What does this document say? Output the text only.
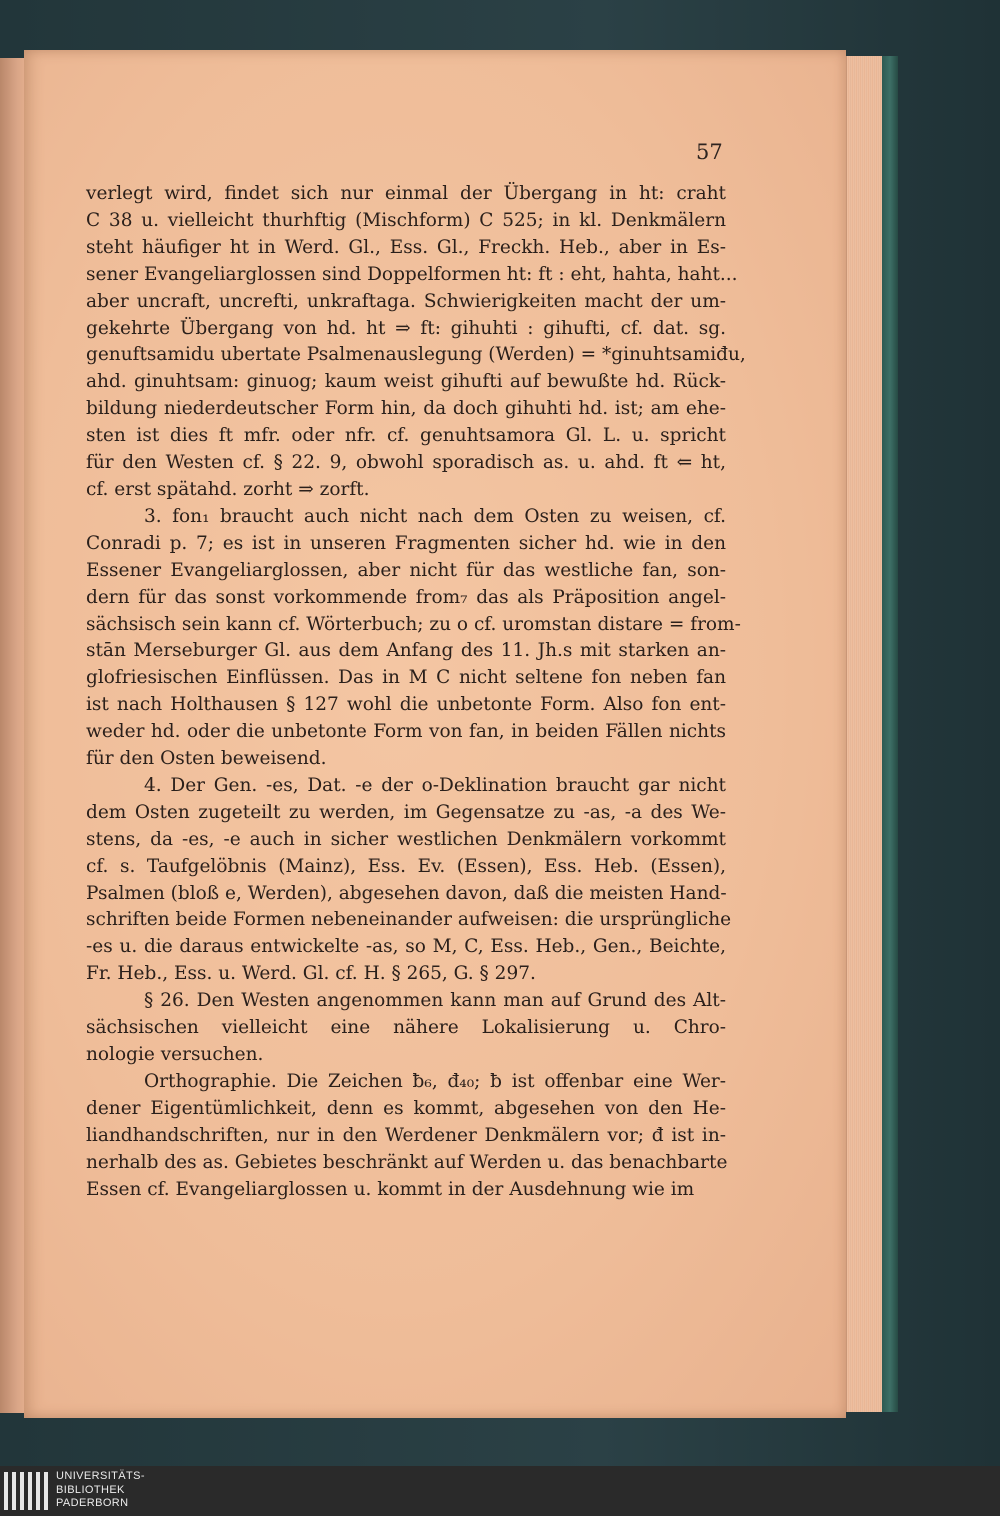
57
verlegt wird, findet sich nur einmal der Übergang in ht: craht
C 38 u. vielleicht thurhftig (Mischform) C 525; in kl. Denkmälern
steht häufiger ht in Werd. Gl., Ess. Gl., Freckh. Heb., aber in Es-
sener Evangeliarglossen sind Doppelformen ht: ft : eht, hahta, haht...
aber uncraft, uncrefti, unkraftaga. Schwierigkeiten macht der um-
gekehrte Übergang von hd. ht ⇒ ft: gihuhti : gihufti, cf. dat. sg.
genuftsamidu ubertate Psalmenauslegung (Werden) = *ginuhtsamiđu,
ahd. ginuhtsam: ginuog; kaum weist gihufti auf bewußte hd. Rück-
bildung niederdeutscher Form hin, da doch gihuhti hd. ist; am ehe-
sten ist dies ft mfr. oder nfr. cf. genuhtsamora Gl. L. u. spricht
für den Westen cf. § 22. 9, obwohl sporadisch as. u. ahd. ft ⇐ ht,
cf. erst spätahd. zorht ⇒ zorft.
3. fon₁ braucht auch nicht nach dem Osten zu weisen, cf.
Conradi p. 7; es ist in unseren Fragmenten sicher hd. wie in den
Essener Evangeliarglossen, aber nicht für das westliche fan, son-
dern für das sonst vorkommende from₇ das als Präposition angel-
sächsisch sein kann cf. Wörterbuch; zu o cf. uromstan distare = from-
stān Merseburger Gl. aus dem Anfang des 11. Jh.s mit starken an-
glofriesischen Einflüssen. Das in M C nicht seltene fon neben fan
ist nach Holthausen § 127 wohl die unbetonte Form. Also fon ent-
weder hd. oder die unbetonte Form von fan, in beiden Fällen nichts
für den Osten beweisend.
4. Der Gen. -es, Dat. -e der o-Deklination braucht gar nicht
dem Osten zugeteilt zu werden, im Gegensatze zu -as, -a des We-
stens, da -es, -e auch in sicher westlichen Denkmälern vorkommt
cf. s. Taufgelöbnis (Mainz), Ess. Ev. (Essen), Ess. Heb. (Essen),
Psalmen (bloß e, Werden), abgesehen davon, daß die meisten Hand-
schriften beide Formen nebeneinander aufweisen: die ursprüngliche
-es u. die daraus entwickelte -as, so M, C, Ess. Heb., Gen., Beichte,
Fr. Heb., Ess. u. Werd. Gl. cf. H. § 265, G. § 297.
§ 26. Den Westen angenommen kann man auf Grund des Alt-
sächsischen vielleicht eine nähere Lokalisierung u. Chro-
nologie versuchen.
Orthographie. Die Zeichen ƀ₆, đ₄₀; ƀ ist offenbar eine Wer-
dener Eigentümlichkeit, denn es kommt, abgesehen von den He-
liandhandschriften, nur in den Werdener Denkmälern vor; đ ist in-
nerhalb des as. Gebietes beschränkt auf Werden u. das benachbarte
Essen cf. Evangeliarglossen u. kommt in der Ausdehnung wie im
UNIVERSITÄTS-
BIBLIOTHEK
PADERBORN
